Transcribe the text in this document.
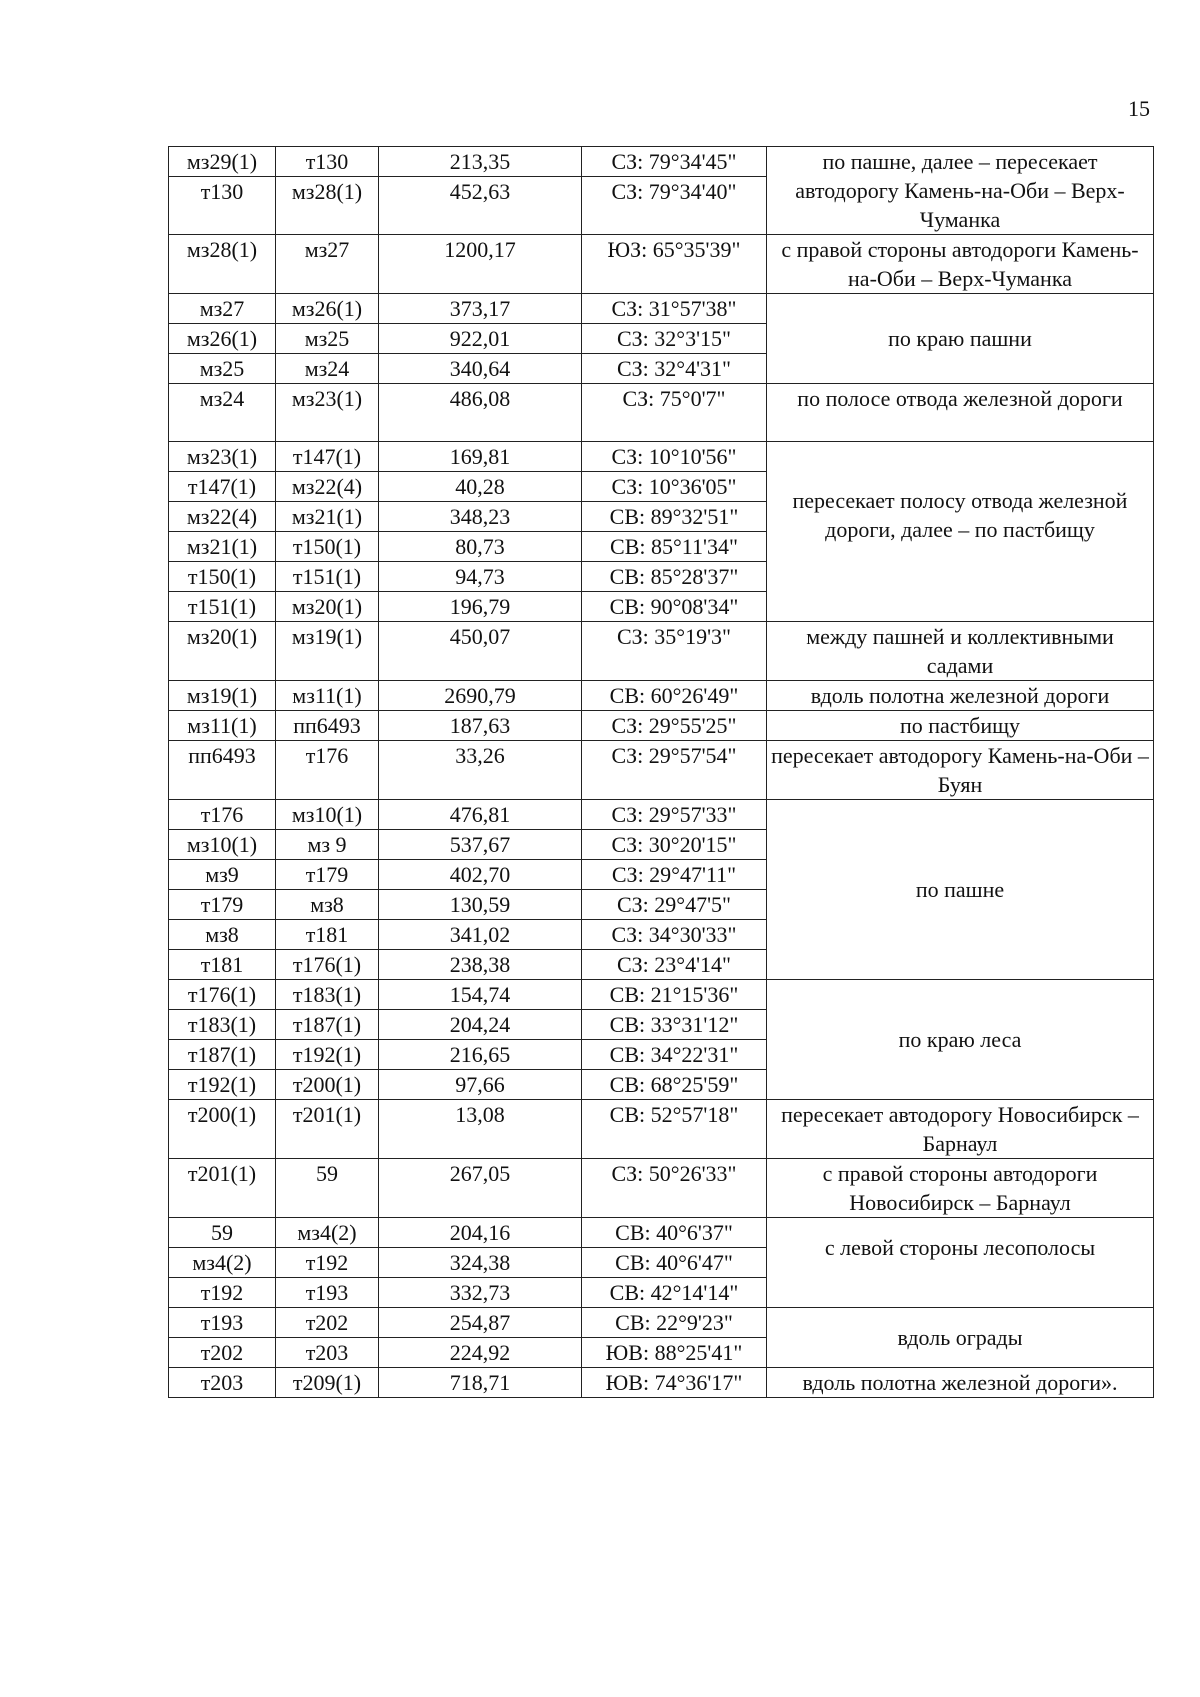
15
мз29(1)	т130	213,35	СЗ: 79°34'45"	по пашне, далее – пересекает автодорогу Камень-на-Оби – Верх-Чуманка
т130	мз28(1)	452,63	СЗ: 79°34'40"	
мз28(1)	мз27	1200,17	ЮЗ: 65°35'39"	с правой стороны автодороги Камень-на-Оби – Верх-Чуманка
мз27	мз26(1)	373,17	СЗ: 31°57'38"	по краю пашни
мз26(1)	мз25	922,01	СЗ: 32°3'15"	
мз25	мз24	340,64	СЗ: 32°4'31"	
мз24	мз23(1)	486,08	СЗ: 75°0'7"	по полосе отвода железной дороги
мз23(1)	т147(1)	169,81	СЗ: 10°10'56"	пересекает полосу отвода железной дороги, далее – по пастбищу
т147(1)	мз22(4)	40,28	СЗ: 10°36'05"	
мз22(4)	мз21(1)	348,23	СВ: 89°32'51"	
мз21(1)	т150(1)	80,73	СВ: 85°11'34"	
т150(1)	т151(1)	94,73	СВ: 85°28'37"	
т151(1)	мз20(1)	196,79	СВ: 90°08'34"	
мз20(1)	мз19(1)	450,07	СЗ: 35°19'3"	между пашней и коллективными садами
мз19(1)	мз11(1)	2690,79	СВ: 60°26'49"	вдоль полотна железной дороги
мз11(1)	пп6493	187,63	СЗ: 29°55'25"	по пастбищу
пп6493	т176	33,26	СЗ: 29°57'54"	пересекает автодорогу Камень-на-Оби – Буян
т176	мз10(1)	476,81	СЗ: 29°57'33"	по пашне
мз10(1)	мз 9	537,67	СЗ: 30°20'15"	
мз9	т179	402,70	СЗ: 29°47'11"	
т179	мз8	130,59	СЗ: 29°47'5"	
мз8	т181	341,02	СЗ: 34°30'33"	
т181	т176(1)	238,38	СЗ: 23°4'14"	
т176(1)	т183(1)	154,74	СВ: 21°15'36"	по краю леса
т183(1)	т187(1)	204,24	СВ: 33°31'12"	
т187(1)	т192(1)	216,65	СВ: 34°22'31"	
т192(1)	т200(1)	97,66	СВ: 68°25'59"	
т200(1)	т201(1)	13,08	СВ: 52°57'18"	пересекает автодорогу Новосибирск – Барнаул
т201(1)	59	267,05	СЗ: 50°26'33"	с правой стороны автодороги Новосибирск – Барнаул
59	мз4(2)	204,16	СВ: 40°6'37"	с левой стороны лесополосы
мз4(2)	т192	324,38	СВ: 40°6'47"	
т192	т193	332,73	СВ: 42°14'14"	
т193	т202	254,87	СВ: 22°9'23"	вдоль ограды
т202	т203	224,92	ЮВ: 88°25'41"	
т203	т209(1)	718,71	ЮВ: 74°36'17"	вдоль полотна железной дороги».
